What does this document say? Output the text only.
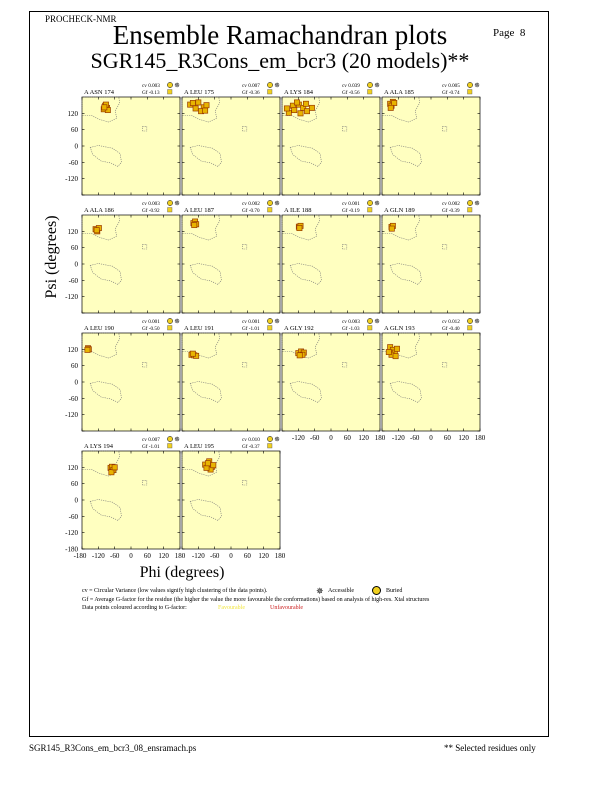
PROCHECK-NMR
Ensemble Ramachandran plots
SGR145_R3Cons_em_bcr3 (20 models)**
Page 8
120
60
0
-60
-120
A ASN 174
cv 0.003
Gf -0.13
✵
A LEU 175
cv 0.007
Gf -0.36
✵
A LYS 184
cv 0.039
Gf -0.56
✵
A ALA 185
cv 0.005
Gf -0.74
✵
120
60
0
-60
-120
A ALA 186
cv 0.003
Gf -0.92
✵
A LEU 187
cv 0.002
Gf -0.70
✵
A ILE 188
cv 0.001
Gf -0.19
✵
A GLN 189
cv 0.002
Gf -0.39
✵
120
60
0
-60
-120
A LEU 190
cv 0.001
Gf -0.50
✵
A LEU 191
cv 0.001
Gf -1.01
✵
-120 -60 0 60 120 180
A GLY 192
cv 0.003
Gf -1.03
✵
-120 -60 0 60 120 180
A GLN 193
cv 0.012
Gf -0.40
✵
120
60
0
-60
-120
-180
-180 -120 -60 0 60 120 180
A LYS 194
cv 0.007
Gf -1.01
✵
-120 -60 0 60 120 180
A LEU 195
cv 0.010
Gf -0.37
✵
Phi (degrees)
Psi (degrees)
cv = Circular Variance (low values signify high clustering of the data points).	✵ Accessible	Buried
Gf = Average G-factor for the residue (the higher the value the more favourable the conformations) based on analysis of high-res. Xtal structures
Data points coloured according to G-factor:	Favourable	Unfavourable
SGR145_R3Cons_em_bcr3_08_ensramach.ps	** Selected residues only
